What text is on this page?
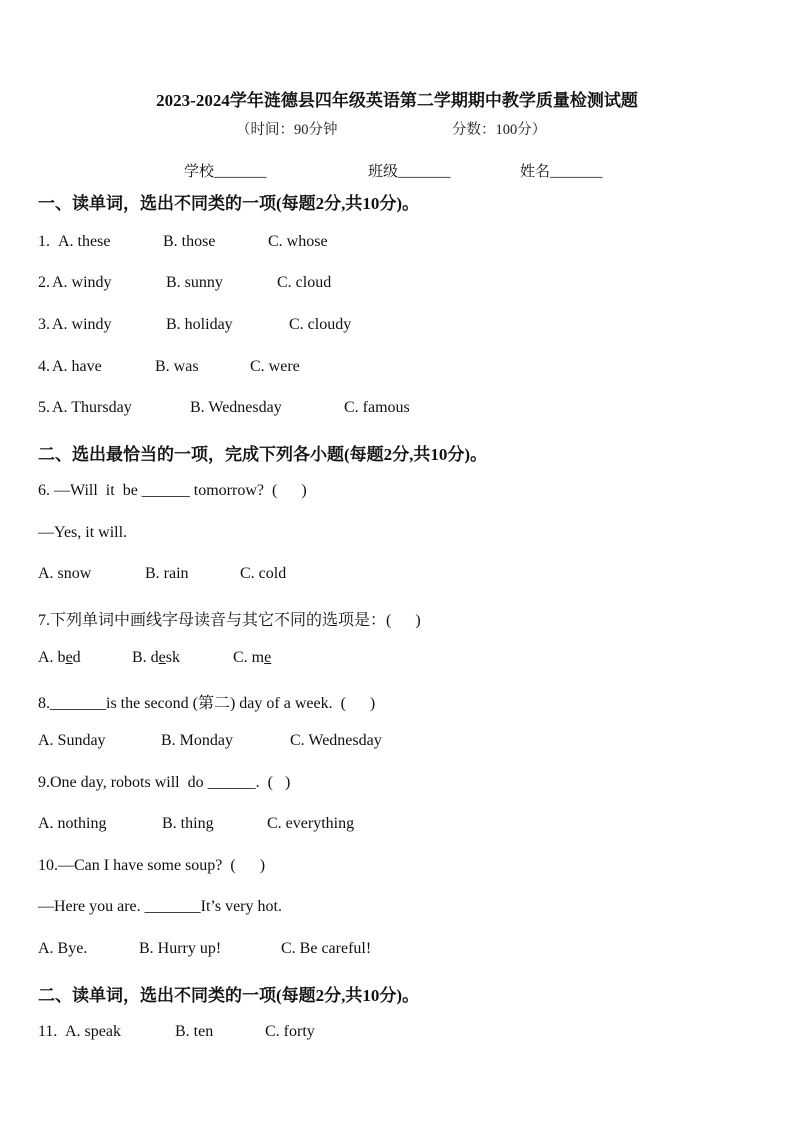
2023-2024学年涟德县四年级英语第二学期期中教学质量检测试题
（时间：90分钟	分数：100分）
学校_______	班级_______	姓名_______
一、读单词，选出不同类的一项(每题2分,共10分)。

1.

A. these

	B. those

	C. whose

2.

A. windy

	B. sunny

	C. cloud

3.

A. windy

	B. holiday

	C. cloudy

4.

A. have

	B. was

	C. were

5.

A. Thursday

	B. Wednesday

	C. famous

二、选出最恰当的一项，完成下列各小题(每题2分,共10分)。
6. —Will  it  be ______ tomorrow?  (      )
—Yes, it will.

A. snow

	B. rain

	C. cold

7.下列单词中画线字母读音与其它不同的选项是：(      )

A. bed

	B. desk

	C. me

8._______is the second (第二) day of a week.  (      )

A. Sunday

	B. Monday

	C. Wednesday

9.One day, robots will  do ______.  (   )

A. nothing

	B. thing

	C. everything

10.—Can I have some soup?  (      )
—Here you are. _______It’s very hot.

A. Bye.

	B. Hurry up!

	C. Be careful!

二、读单词，选出不同类的一项(每题2分,共10分)。

11.

A. speak

	B. ten

	C. forty
